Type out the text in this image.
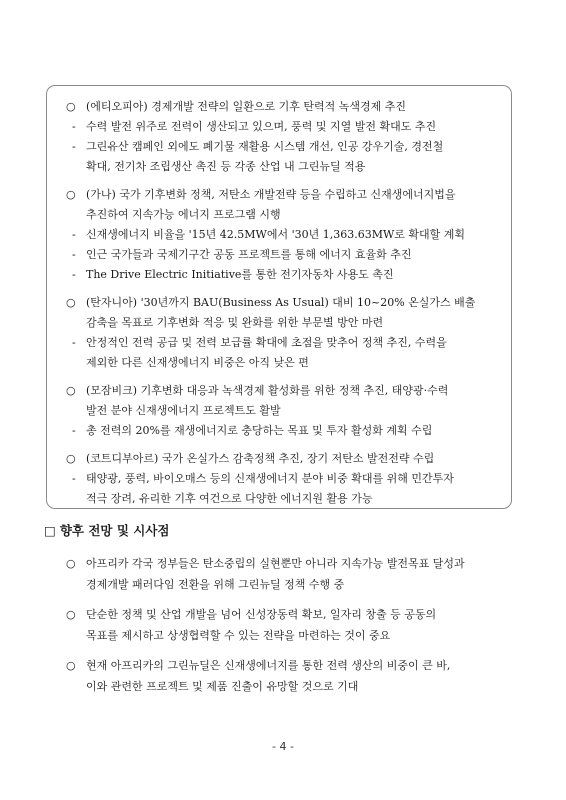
○ (에티오피아) 경제개발 전략의 일환으로 기후 탄력적 녹색경제 추진

- 수력 발전 위주로 전력이 생산되고 있으며, 풍력 및 지열 발전 확대도 추진

- 그린유산 캠페인 외에도 폐기물 재활용 시스템 개선, 인공 강우기술, 경전철

확대, 전기차 조립생산 촉진 등 각종 산업 내 그린뉴딜 적용

○ (가나) 국가 기후변화 정책, 저탄소 개발전략 등을 수립하고 신재생에너지법을

추진하여 지속가능 에너지 프로그램 시행

- 신재생에너지 비율을 '15년 42.5MW에서 '30년 1,363.63MW로 확대할 계획

- 인근 국가들과 국제기구간 공동 프로젝트를 통해 에너지 효율화 추진

- The Drive Electric Initiative를 통한 전기자동차 사용도 촉진

○ (탄자니아) '30년까지 BAU(Business As Usual) 대비 10~20% 온실가스 배출

감축을 목표로 기후변화 적응 및 완화를 위한 부문별 방안 마련

- 안정적인 전력 공급 및 전력 보급률 확대에 초점을 맞추어 정책 추진, 수력을

제외한 다른 신재생에너지 비중은 아직 낮은 편

○ (모잠비크) 기후변화 대응과 녹색경제 활성화를 위한 정책 추진, 태양광·수력

발전 분야 신재생에너지 프로젝트도 활발

- 총 전력의 20%를 재생에너지로 충당하는 목표 및 투자 활성화 계획 수립

○ (코트디부아르) 국가 온실가스 감축정책 추진, 장기 저탄소 발전전략 수립

- 태양광, 풍력, 바이오매스 등의 신재생에너지 분야 비중 확대를 위해 민간투자

적극 장려, 유리한 기후 여건으로 다양한 에너지원 활용 가능

□ 향후 전망 및 시사점

○ 아프리카 각국 정부들은 탄소중립의 실현뿐만 아니라 지속가능 발전목표 달성과

경제개발 패러다임 전환을 위해 그린뉴딜 정책 수행 중

○ 단순한 정책 및 산업 개발을 넘어 신성장동력 확보, 일자리 창출 등 공동의

목표를 제시하고 상생협력할 수 있는 전략을 마련하는 것이 중요

○ 현재 아프리카의 그린뉴딜은 신재생에너지를 통한 전력 생산의 비중이 큰 바,

이와 관련한 프로젝트 및 제품 진출이 유망할 것으로 기대

- 4 -
